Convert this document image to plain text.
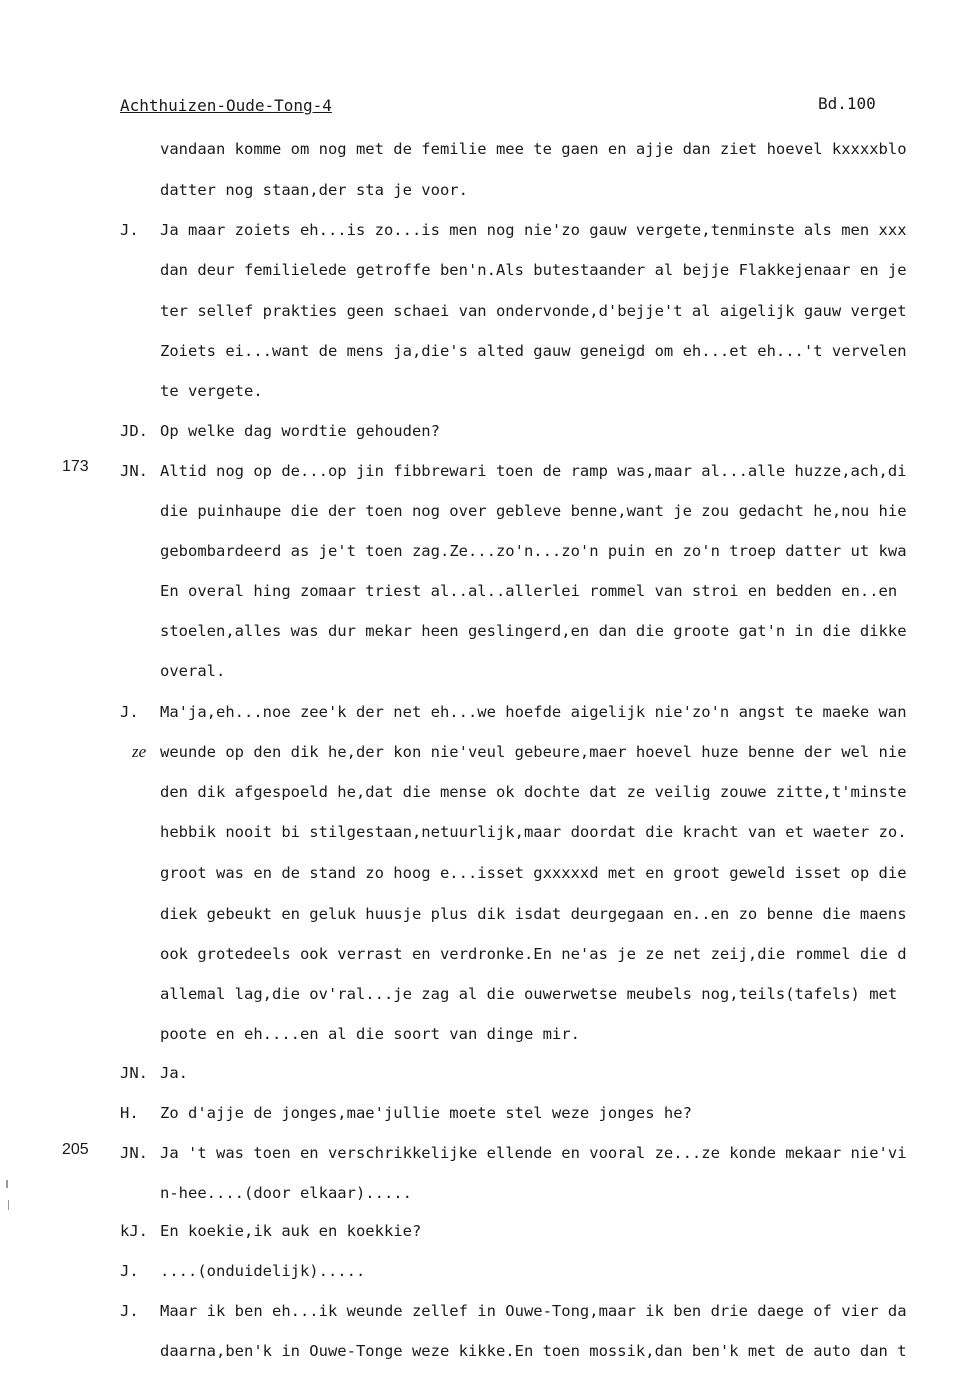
Achthuizen-Oude-Tong-4	Bd.100
173
205
vandaan komme om nog met de femilie mee te gaen en ajje dan ziet hoevel kxxxxblo
datter nog staan,der sta je voor.
J. Ja maar zoiets eh...is zo...is men nog nie'zo gauw vergete,tenminste als men xxx
dan deur femilielede getroffe ben'n.Als butestaander al bejje Flakkejenaar en je
ter sellef prakties geen schaei van ondervonde,d'bejje't al aigelijk gauw verget
Zoiets ei...want de mens ja,die's alted gauw geneigd om eh...et eh...'t vervelen
te vergete.
JD. Op welke dag wordtie gehouden?
JN. Altid nog op de...op jin fibbrewari toen de ramp was,maar al...alle huzze,ach,di
die puinhaupe die der toen nog over gebleve benne,want je zou gedacht he,nou hie
gebombardeerd as je't toen zag.Ze...zo'n...zo'n puin en zo'n troep datter ut kwa
En overal hing zomaar triest al..al..allerlei rommel van stroi en bedden en..en
stoelen,alles was dur mekar heen geslingerd,en dan die groote gat'n in die dikke
overal.
J. Ma'ja,eh...noe zee'k der net eh...we hoefde aigelijk nie'zo'n angst te maeke wan
weunde op den dik he,der kon nie'veul gebeure,maer hoevel huze benne der wel nie
ze
den dik afgespoeld he,dat die mense ok dochte dat ze veilig zouwe zitte,t'minste
hebbik nooit bi stilgestaan,netuurlijk,maar doordat die kracht van et waeter zo.
groot was en de stand zo hoog e...isset gxxxxxd met en groot geweld isset op die
diek gebeukt en geluk huusje plus dik isdat deurgegaan en..en zo benne die maens
ook grotedeels ook verrast en verdronke.En ne'as je ze net zeij,die rommel die d
allemal lag,die ov'ral...je zag al die ouwerwetse meubels nog,teils(tafels) met
poote en eh....en al die soort van dinge mir.
JN. Ja.
H. Zo d'ajje de jonges,mae'jullie moete stel weze jonges he?
JN. Ja 't was toen en verschrikkelijke ellende en vooral ze...ze konde mekaar nie'vi
n-hee....(door elkaar).....
kJ. En koekie,ik auk en koekkie?
J. ....(onduidelijk).....
J. Maar ik ben eh...ik weunde zellef in Ouwe-Tong,maar ik ben drie daege of vier da
daarna,ben'k in Ouwe-Tonge weze kikke.En toen mossik,dan ben'k met de auto dan t
